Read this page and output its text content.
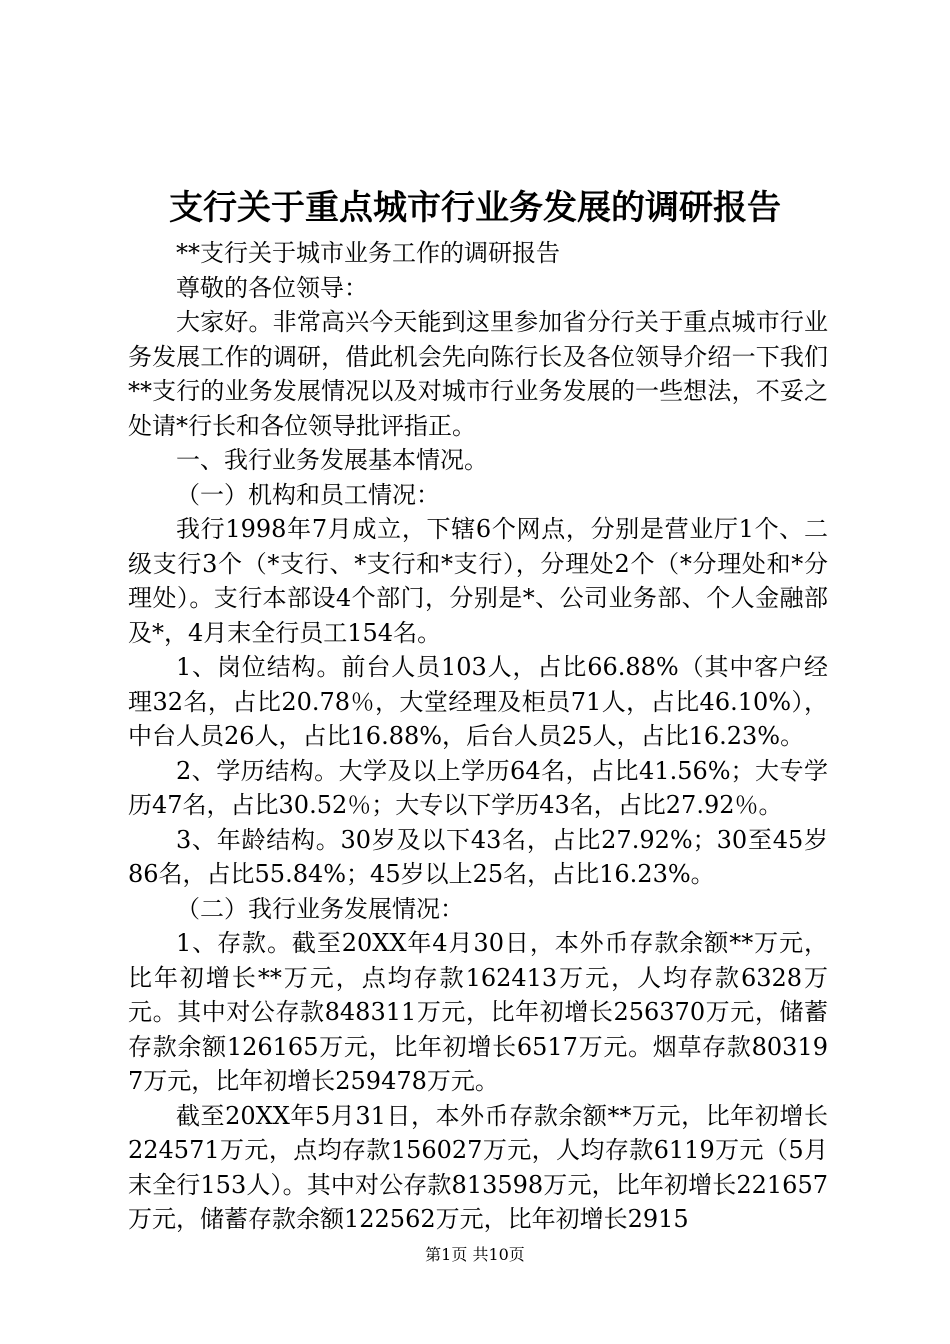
支行关于重点城市行业务发展的调研报告

**支行关于城市业务工作的调研报告

尊敬的各位领导：

大家好。非常高兴今天能到这里参加省分行关于重点城市行业务发展工作的调研，借此机会先向陈行长及各位领导介绍一下我们**支行的业务发展情况以及对城市行业务发展的一些想法，不妥之处请*行长和各位领导批评指正。

一、我行业务发展基本情况。

（一）机构和员工情况：

我行1998年7月成立，下辖6个网点，分别是营业厅1个、二级支行3个（*支行、*支行和*支行），分理处2个（*分理处和*分理处）。支行本部设4个部门，分别是*、公司业务部、个人金融部及*，4月末全行员工154名。

1、岗位结构。前台人员103人，占比66.88%（其中客户经理32名，占比20.78％，大堂经理及柜员71人，占比46.10%），中台人员26人，占比16.88%，后台人员25人，占比16.23%。

2、学历结构。大学及以上学历64名，占比41.56%；大专学历47名，占比30.52％；大专以下学历43名，占比27.92％。

3、年龄结构。30岁及以下43名，占比27.92%；30至45岁86名，占比55.84%；45岁以上25名，占比16.23%。

（二）我行业务发展情况：

1、存款。截至20XX年4月30日，本外币存款余额**万元，比年初增长**万元，点均存款162413万元，人均存款6328万元。其中对公存款848311万元，比年初增长256370万元，储蓄存款余额126165万元，比年初增长6517万元。烟草存款803197万元，比年初增长259478万元。

截至20XX年5月31日，本外币存款余额**万元，比年初增长224571万元，点均存款156027万元，人均存款6119万元（5月末全行153人）。其中对公存款813598万元，比年初增长221657万元，储蓄存款余额122562万元，比年初增长2915

第1页 共10页
